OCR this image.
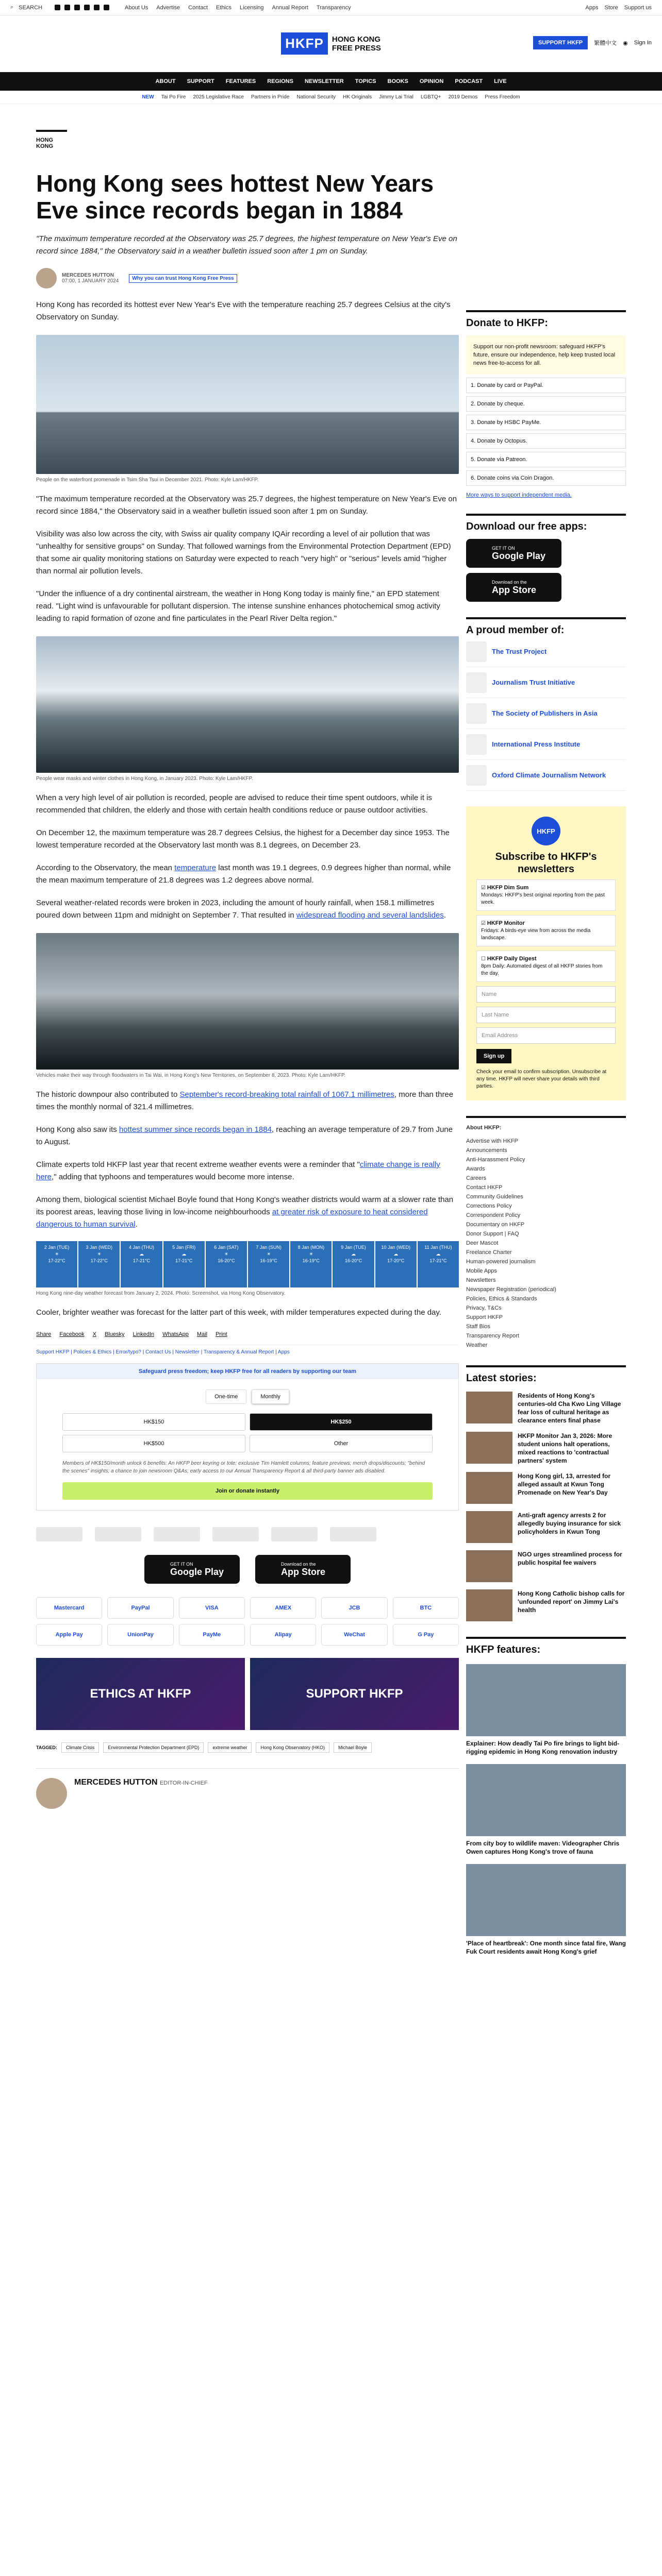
⌕ SEARCH	About Us Advertise Contact Ethics Licensing Annual Report Transparency	Apps Store Support us
HKFP	HONG KONG
FREE PRESS
SUPPORT HKFP	繁體中文 ◉ Sign In
ABOUT SUPPORT FEATURES REGIONS NEWSLETTER TOPICS BOOKS OPINION PODCAST LIVE
NEW Tai Po Fire 2025 Legislative Race Partners in Pride National Security HK Originals Jimmy Lai Trial LGBTQ+ 2019 Demos Press Freedom
HONG KONG
Hong Kong sees hottest New Years Eve since records began in 1884

"The maximum temperature recorded at the Observatory was 25.7 degrees, the highest temperature on New Year's Eve on record since 1884," the Observatory said in a weather bulletin issued soon after 1 pm on Sunday.

MERCEDES HUTTON
07:00, 1 JANUARY 2024	Why you can trust Hong Kong Free Press

Hong Kong has recorded its hottest ever New Year's Eve with the temperature reaching 25.7 degrees Celsius at the city's Observatory on Sunday.

People on the waterfront promenade in Tsim Sha Tsui in December 2021. Photo: Kyle Lam/HKFP.

"The maximum temperature recorded at the Observatory was 25.7 degrees, the highest temperature on New Year's Eve on record since 1884," the Observatory said in a weather bulletin issued soon after 1 pm on Sunday.

Visibility was also low across the city, with Swiss air quality company IQAir recording a level of air pollution that was "unhealthy for sensitive groups" on Sunday. That followed warnings from the Environmental Protection Department (EPD) that some air quality monitoring stations on Saturday were expected to reach "very high" or "serious" levels amid "higher than normal air pollution levels.

"Under the influence of a dry continental airstream, the weather in Hong Kong today is mainly fine," an EPD statement read. "Light wind is unfavourable for pollutant dispersion. The intense sunshine enhances photochemical smog activity leading to rapid formation of ozone and fine particulates in the Pearl River Delta region."

People wear masks and winter clothes in Hong Kong, in January 2023. Photo: Kyle Lam/HKFP.

When a very high level of air pollution is recorded, people are advised to reduce their time spent outdoors, while it is recommended that children, the elderly and those with certain health conditions reduce or pause outdoor activities.

On December 12, the maximum temperature was 28.7 degrees Celsius, the highest for a December day since 1953. The lowest temperature recorded at the Observatory last month was 8.1 degrees, on December 23.

According to the Observatory, the mean temperature last month was 19.1 degrees, 0.9 degrees higher than normal, while the mean maximum temperature of 21.8 degrees was 1.2 degrees above normal.

Several weather-related records were broken in 2023, including the amount of hourly rainfall, when 158.1 millimetres poured down between 11pm and midnight on September 7. That resulted in widespread flooding and several landslides.

Vehicles make their way through floodwaters in Tai Wai, in Hong Kong's New Territories, on September 8, 2023. Photo: Kyle Lam/HKFP.

The historic downpour also contributed to September's record-breaking total rainfall of 1067.1 millimetres, more than three times the monthly normal of 321.4 millimetres.

Hong Kong also saw its hottest summer since records began in 1884, reaching an average temperature of 29.7 from June to August.

Climate experts told HKFP last year that recent extreme weather events were a reminder that "climate change is really here," adding that typhoons and temperatures would become more intense.

Among them, biological scientist Michael Boyle found that Hong Kong's weather districts would warm at a slower rate than its poorest areas, leaving those living in low-income neighbourhoods at greater risk of exposure to heat considered dangerous to human survival.

2 Jan (TUE)
☀
17-22°C
3 Jan (WED)
☀
17-22°C
4 Jan (THU)
☁
17-21°C
5 Jan (FRI)
☁
17-21°C
6 Jan (SAT)
☀
16-20°C
7 Jan (SUN)
☀
16-19°C
8 Jan (MON)
☀
16-19°C
9 Jan (TUE)
☁
16-20°C
10 Jan (WED)
☁
17-20°C
11 Jan (THU)
☁
17-21°C
Hong Kong nine-day weather forecast from January 2, 2024. Photo: Screenshot, via Hong Kong Observatory.

Cooler, brighter weather was forecast for the latter part of this week, with milder temperatures expected during the day.

Share Facebook X Bluesky LinkedIn WhatsApp Mail Print
Support HKFP | Policies & Ethics | Error/typo? | Contact Us | Newsletter | Transparency & Annual Report | Apps
Safeguard press freedom; keep HKFP free for all readers by supporting our team
One-time	Monthly
HK$150	HK$250
HK$500	Other
Members of HK$150/month unlock 6 benefits: An HKFP beer keyring or tote; exclusive Tim Hamlett columns; feature previews; merch drops/discounts; "behind the scenes" insights; a chance to join newsroom Q&As; early access to our Annual Transparency Report & all third-party banner ads disabled.
Join or donate instantly
GET IT ON
Google Play
Download on the
App Store
Mastercard	PayPal	VISA	AMEX	JCB	BTC
Apple Pay	UnionPay	PayMe	Alipay	WeChat	G Pay
ETHICS AT HKFP	SUPPORT HKFP
TAGGED:	Climate Crisis	Environmental Protection Department (EPD)	extreme weather	Hong Kong Observatory (HKO)	Michael Boyle
MERCEDES HUTTON EDITOR-IN-CHIEF
Donate to HKFP:
Support our non-profit newsroom: safeguard HKFP's future, ensure our independence, help keep trusted local news free-to-access for all.
1. Donate by card or PayPal.
2. Donate by cheque.
3. Donate by HSBC PayMe.
4. Donate by Octopus.
5. Donate via Patreon.
6. Donate coins via Coin Dragon.
More ways to support independent media.
Download our free apps:
GET IT ON
Google Play
Download on the
App Store
A proud member of:
The Trust Project
Journalism Trust Initiative
The Society of Publishers in Asia
International Press Institute
Oxford Climate Journalism Network
HKFP
Subscribe to HKFP's newsletters
☑ HKFP Dim Sum
Mondays: HKFP's best original reporting from the past week.
☑ HKFP Monitor
Fridays: A birds-eye view from across the media landscape.
☐ HKFP Daily Digest
8pm Daily: Automated digest of all HKFP stories from the day.
Name
Last Name
Email Address
Sign up

Check your email to confirm subscription. Unsubscribe at any time. HKFP will never share your details with third parties.

About HKFP:
Advertise with HKFP
Announcements
Anti-Harassment Policy
Awards
Careers
Contact HKFP
Community Guidelines
Corrections Policy
Correspondent Policy
Documentary on HKFP
Donor Support | FAQ
Deer Mascot
Freelance Charter
Human-powered journalism
Mobile Apps
Newsletters
Newspaper Registration (periodical)
Policies, Ethics & Standards
Privacy, T&Cs
Support HKFP
Staff Bios
Transparency Report
Weather
Latest stories:
Residents of Hong Kong's centuries-old Cha Kwo Ling Village fear loss of cultural heritage as clearance enters final phase
HKFP Monitor Jan 3, 2026: More student unions halt operations, mixed reactions to 'contractual partners' system
Hong Kong girl, 13, arrested for alleged assault at Kwun Tong Promenade on New Year's Day
Anti-graft agency arrests 2 for allegedly buying insurance for sick policyholders in Kwun Tong
NGO urges streamlined process for public hospital fee waivers
Hong Kong Catholic bishop calls for 'unfounded report' on Jimmy Lai's health
HKFP features:
Explainer: How deadly Tai Po fire brings to light bid-rigging epidemic in Hong Kong renovation industry
From city boy to wildlife maven: Videographer Chris Owen captures Hong Kong's trove of fauna
'Place of heartbreak': One month since fatal fire, Wang Fuk Court residents await Hong Kong's grief
